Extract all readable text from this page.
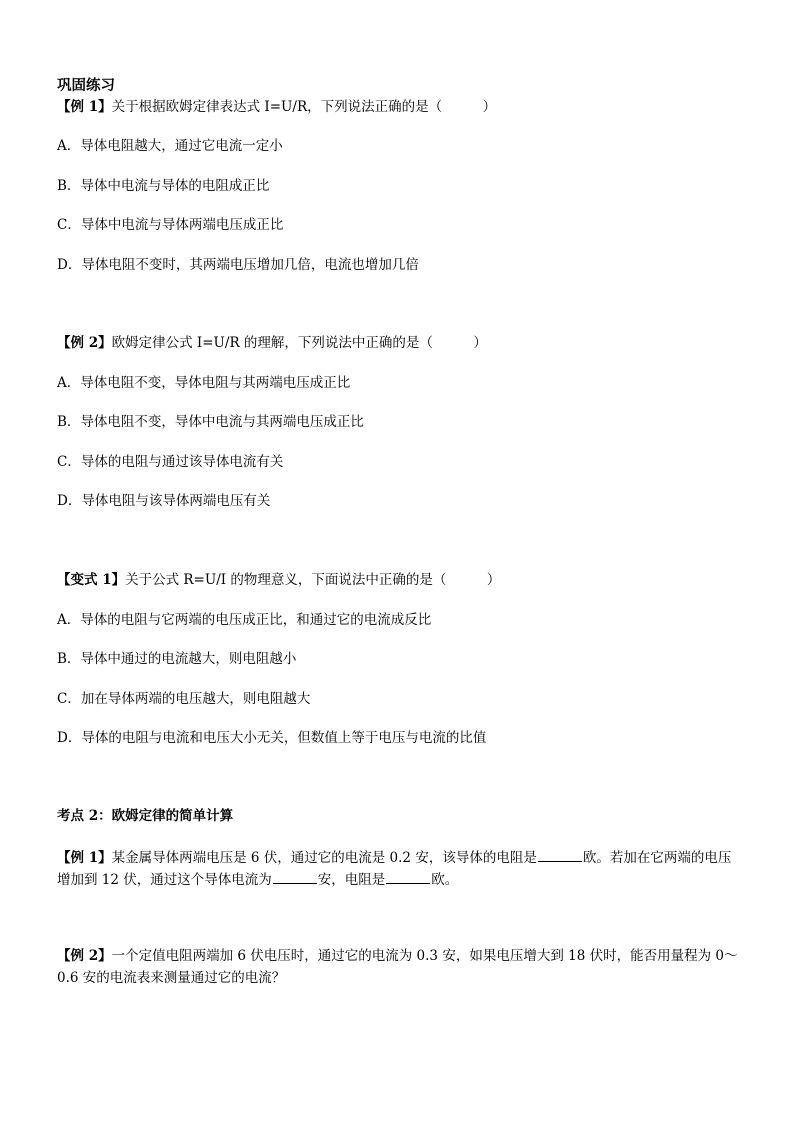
巩固练习
【例 1】关于根据欧姆定律表达式 I=U/R，下列说法正确的是（　　　）
A．导体电阻越大，通过它电流一定小
B．导体中电流与导体的电阻成正比
C．导体中电流与导体两端电压成正比
D．导体电阻不变时，其两端电压增加几倍，电流也增加几倍
【例 2】欧姆定律公式 I=U/R 的理解，下列说法中正确的是（　　　）
A．导体电阻不变，导体电阻与其两端电压成正比
B．导体电阻不变，导体中电流与其两端电压成正比
C．导体的电阻与通过该导体电流有关
D．导体电阻与该导体两端电压有关
【变式 1】关于公式 R=U/I 的物理意义，下面说法中正确的是（　　　）
A．导体的电阻与它两端的电压成正比，和通过它的电流成反比
B．导体中通过的电流越大，则电阻越小
C．加在导体两端的电压越大，则电阻越大
D．导体的电阻与电流和电压大小无关，但数值上等于电压与电流的比值
考点 2：欧姆定律的简单计算
【例 1】某金属导体两端电压是 6 伏，通过它的电流是 0.2 安，该导体的电阻是	欧。若加在它两端的电压
增加到 12 伏，通过这个导体电流为	安，电阻是	欧。
【例 2】一个定值电阻两端加 6 伏电压时，通过它的电流为 0.3 安，如果电压增大到 18 伏时，能否用量程为 0～
0.6 安的电流表来测量通过它的电流？
